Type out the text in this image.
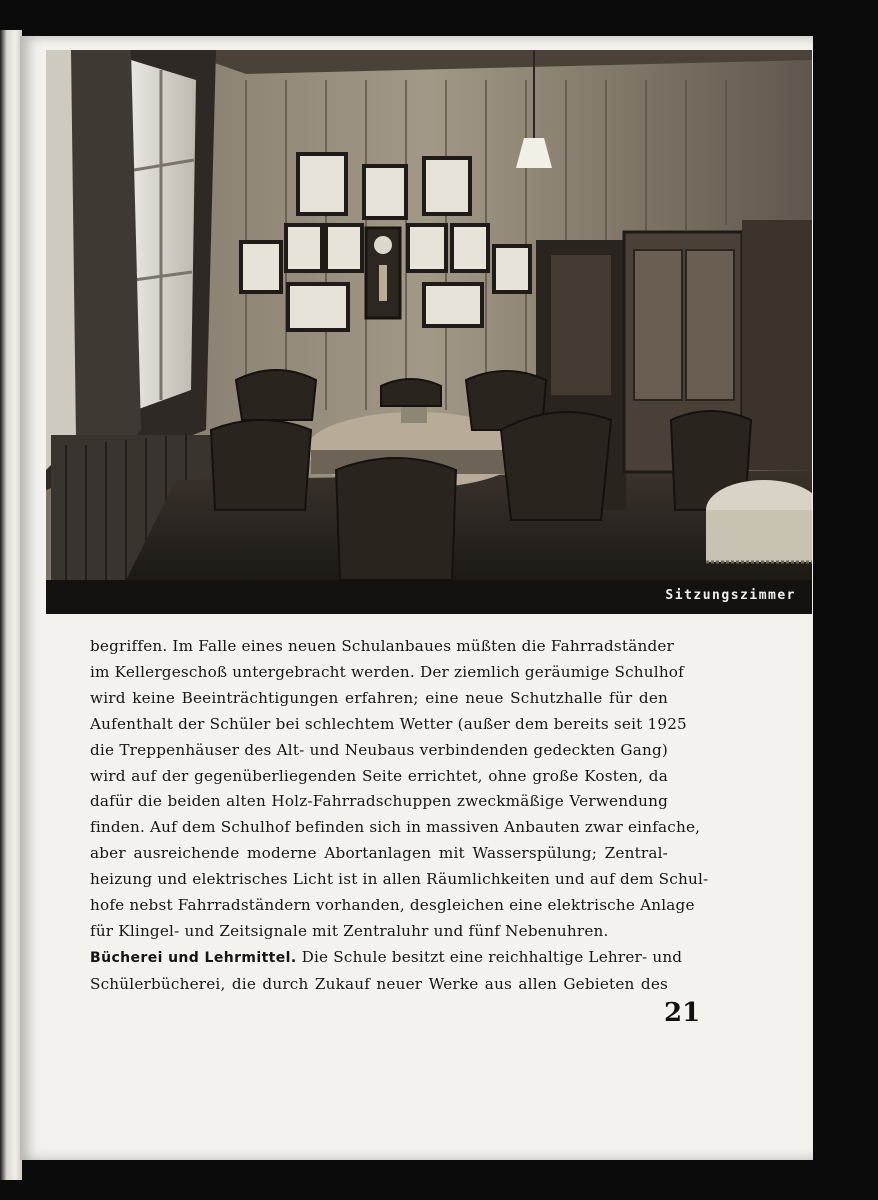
Sitzungszimmer
begriffen. Im Falle eines neuen Schulanbaues müßten die Fahrradständer
im Kellergeschoß untergebracht werden. Der ziemlich geräumige Schulhof
wird keine Beeinträchtigungen erfahren; eine neue Schutzhalle für den
Aufenthalt der Schüler bei schlechtem Wetter (außer dem bereits seit 1925
die Treppenhäuser des Alt- und Neubaus verbindenden gedeckten Gang)
wird auf der gegenüberliegenden Seite errichtet, ohne große Kosten, da
dafür die beiden alten Holz-Fahrradschuppen zweckmäßige Verwendung
finden. Auf dem Schulhof befinden sich in massiven Anbauten zwar einfache,
aber ausreichende moderne Abortanlagen mit Wasserspülung; Zentral-
heizung und elektrisches Licht ist in allen Räumlichkeiten und auf dem Schul-
hofe nebst Fahrradständern vorhanden, desgleichen eine elektrische Anlage
für Klingel- und Zeitsignale mit Zentraluhr und fünf Nebenuhren.
Bücherei und Lehrmittel. Die Schule besitzt eine reichhaltige Lehrer- und
Schülerbücherei, die durch Zukauf neuer Werke aus allen Gebieten des
21
